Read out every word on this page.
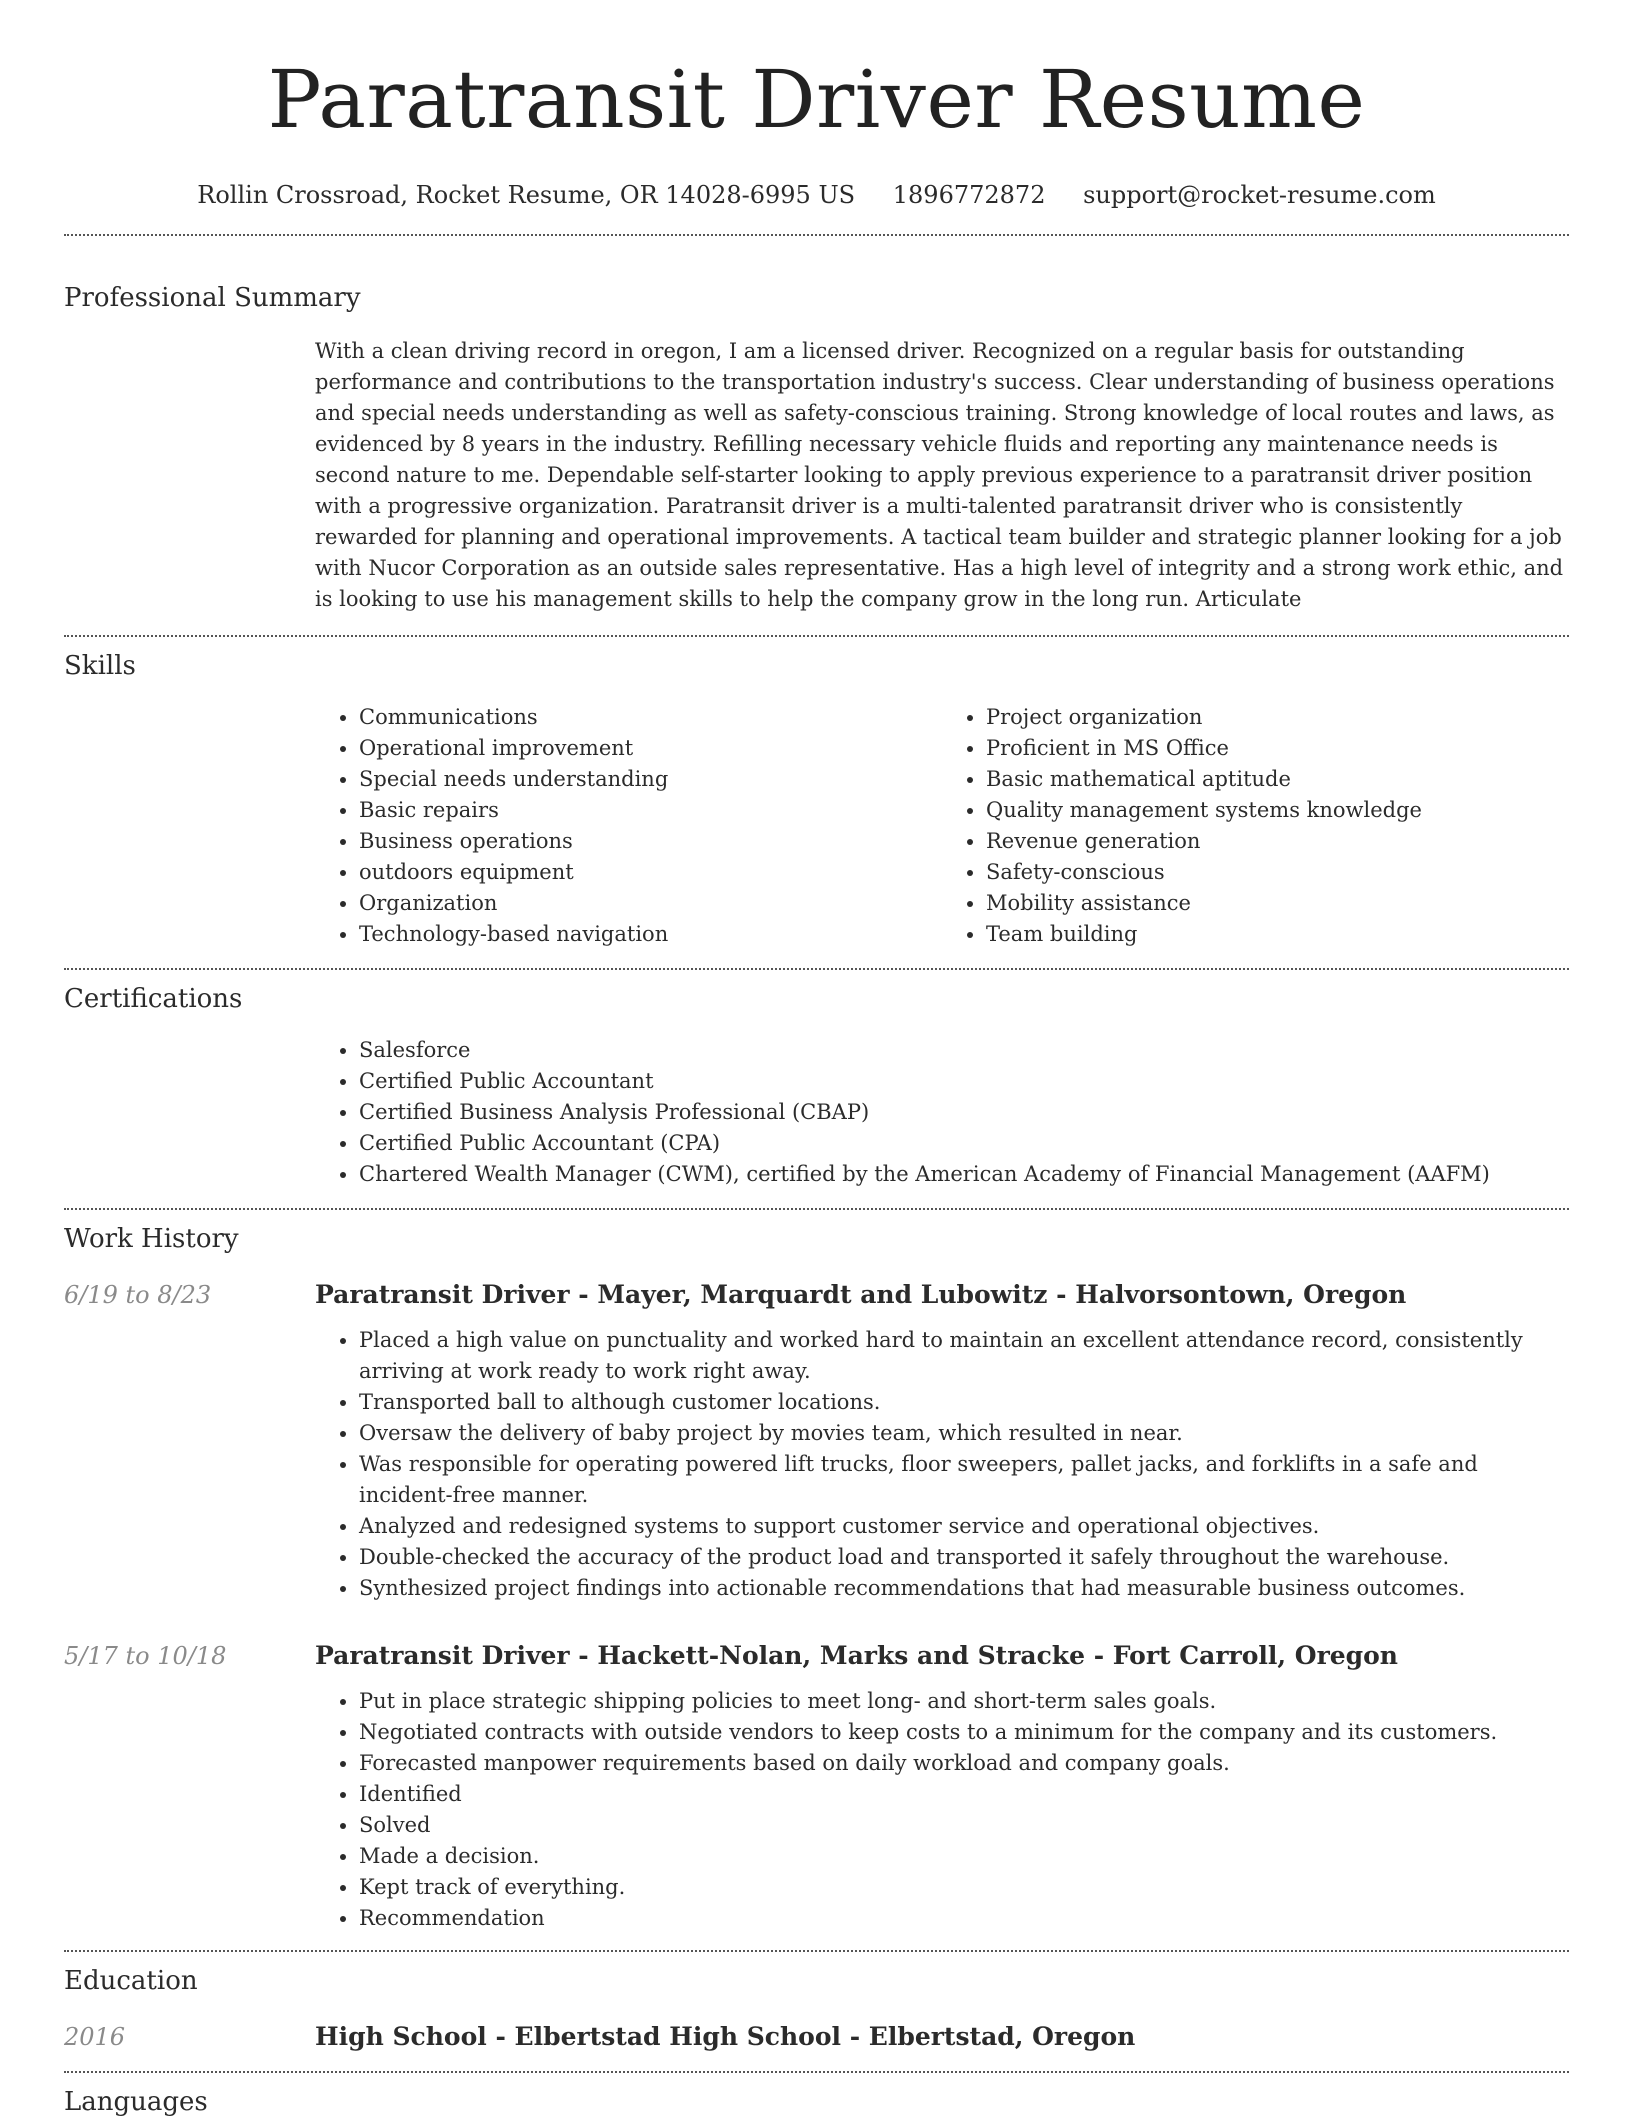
Paratransit Driver Resume
Rollin Crossroad, Rocket Resume, OR 14028-6995 US 1896772872 support@rocket-resume.com
Professional Summary

With a clean driving record in oregon, I am a licensed driver. Recognized on a regular basis for outstanding performance and contributions to the transportation industry's success. Clear understanding of business operations and special needs understanding as well as safety-conscious training. Strong knowledge of local routes and laws, as evidenced by 8 years in the industry. Refilling necessary vehicle fluids and reporting any maintenance needs is second nature to me. Dependable self-starter looking to apply previous experience to a paratransit driver position with a progressive organization. Paratransit driver is a multi-talented paratransit driver who is consistently rewarded for planning and operational improvements. A tactical team builder and strategic planner looking for a job with Nucor Corporation as an outside sales representative. Has a high level of integrity and a strong work ethic, and is looking to use his management skills to help the company grow in the long run. Articulate

Skills
• Communications
• Operational improvement
• Special needs understanding
• Basic repairs
• Business operations
• outdoors equipment
• Organization
• Technology-based navigation
• Project organization
• Proficient in MS Office
• Basic mathematical aptitude
• Quality management systems knowledge
• Revenue generation
• Safety-conscious
• Mobility assistance
• Team building
Certifications
• Salesforce
• Certified Public Accountant
• Certified Business Analysis Professional (CBAP)
• Certified Public Accountant (CPA)
• Chartered Wealth Manager (CWM), certified by the American Academy of Financial Management (AAFM)
Work History
6/19 to 8/23	Paratransit Driver - Mayer, Marquardt and Lubowitz - Halvorsontown, Oregon
• Placed a high value on punctuality and worked hard to maintain an excellent attendance record, consistently arriving at work ready to work right away.
• Transported ball to although customer locations.
• Oversaw the delivery of baby project by movies team, which resulted in near.
• Was responsible for operating powered lift trucks, floor sweepers, pallet jacks, and forklifts in a safe and incident-free manner.
• Analyzed and redesigned systems to support customer service and operational objectives.
• Double-checked the accuracy of the product load and transported it safely throughout the warehouse.
• Synthesized project findings into actionable recommendations that had measurable business outcomes.
5/17 to 10/18	Paratransit Driver - Hackett-Nolan, Marks and Stracke - Fort Carroll, Oregon
• Put in place strategic shipping policies to meet long- and short-term sales goals.
• Negotiated contracts with outside vendors to keep costs to a minimum for the company and its customers.
• Forecasted manpower requirements based on daily workload and company goals.
• Identified
• Solved
• Made a decision.
• Kept track of everything.
• Recommendation
Education
2016	High School - Elbertstad High School - Elbertstad, Oregon
Languages
